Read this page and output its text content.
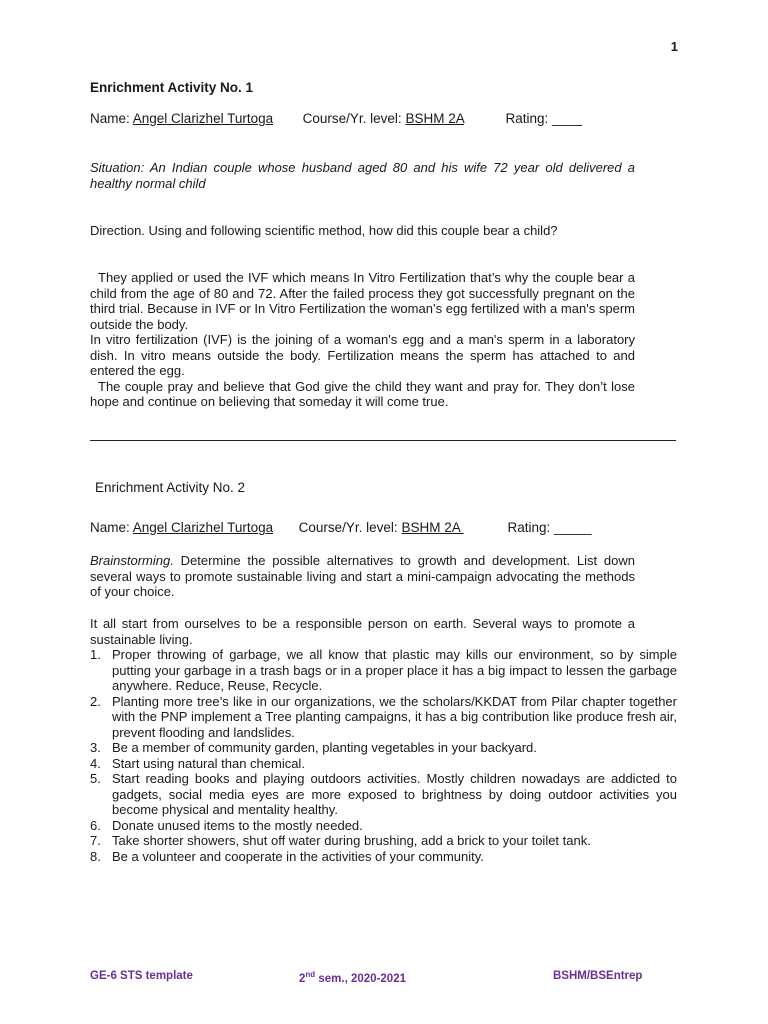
1
Enrichment Activity No. 1
Name: Angel Clarizhel Turtoga Course/Yr. level: BSHM 2A	Rating: ____
Situation: An Indian couple whose husband aged 80 and his wife 72 year old delivered a healthy normal child
Direction. Using and following scientific method, how did this couple bear a child?

They applied or used the IVF which means In Vitro Fertilization that’s why the couple bear a child from the age of 80 and 72. After the failed process they got successfully pregnant on the third trial. Because in IVF or In Vitro Fertilization the woman’s egg fertilized with a man's sperm outside the body.

In vitro fertilization (IVF) is the joining of a woman's egg and a man's sperm in a laboratory dish. In vitro means outside the body. Fertilization means the sperm has attached to and entered the egg.

The couple pray and believe that God give the child they want and pray for. They don’t lose hope and continue on believing that someday it will come true.

Enrichment Activity No. 2
Name: Angel Clarizhel Turtoga Course/Yr. level: BSHM 2A	Rating: _____
Brainstorming. Determine the possible alternatives to growth and development. List down several ways to promote sustainable living and start a mini-campaign advocating the methods of your choice.
It all start from ourselves to be a responsible person on earth. Several ways to promote a sustainable living.
1. Proper throwing of garbage, we all know that plastic may kills our environment, so by simple putting your garbage in a trash bags or in a proper place it has a big impact to lessen the garbage anywhere. Reduce, Reuse, Recycle.
2. Planting more tree’s like in our organizations, we the scholars/KKDAT from Pilar chapter together with the PNP implement a Tree planting campaigns, it has a big contribution like produce fresh air, prevent flooding and landslides.
3. Be a member of community garden, planting vegetables in your backyard.
4. Start using natural than chemical.
5. Start reading books and playing outdoors activities. Mostly children nowadays are addicted to gadgets, social media eyes are more exposed to brightness by doing outdoor activities you become physical and mentality healthy.
6. Donate unused items to the mostly needed.
7. Take shorter showers, shut off water during brushing, add a brick to your toilet tank.
8. Be a volunteer and cooperate in the activities of your community.
GE-6 STS template	2nd sem., 2020-2021	BSHM/BSEntrep
